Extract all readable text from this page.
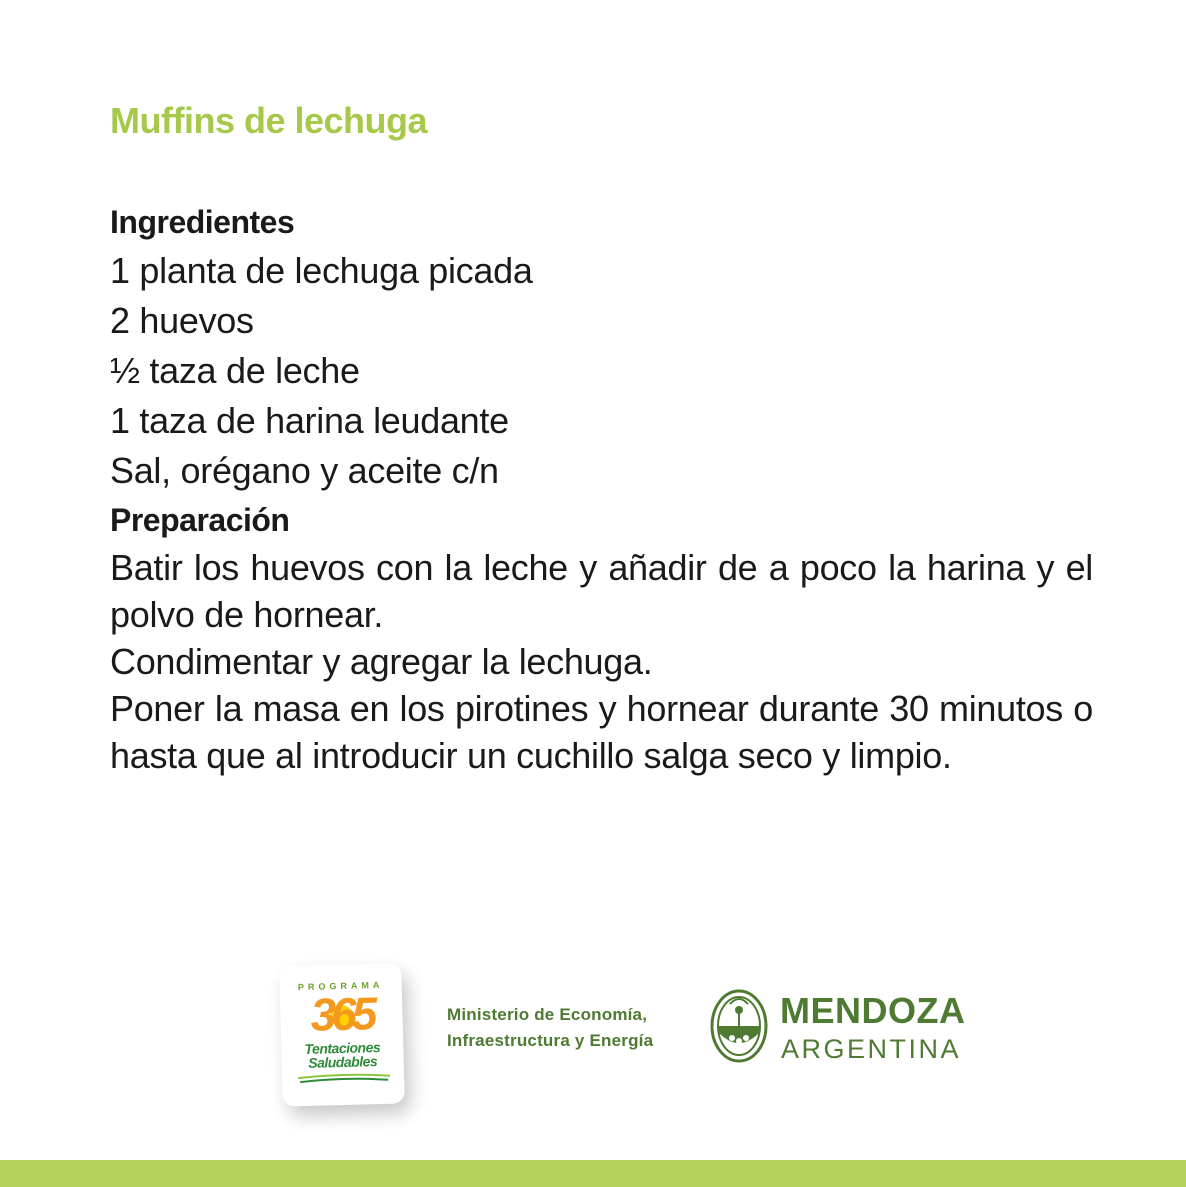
Muffins de lechuga
Ingredientes
1 planta de lechuga picada
2 huevos
½ taza de leche
1 taza de harina leudante
Sal, orégano y aceite c/n
Preparación
Batir los huevos con la leche y añadir de a poco la harina y el polvo de hornear.
Condimentar y agregar la lechuga.
Poner la masa en los pirotines y hornear durante 30 minutos o hasta que al introducir un cuchillo salga seco y limpio.
PROGRAMA
365
Tentaciones
Saludables
Ministerio de Economía,
Infraestructura y Energía
MENDOZA
ARGENTINA
